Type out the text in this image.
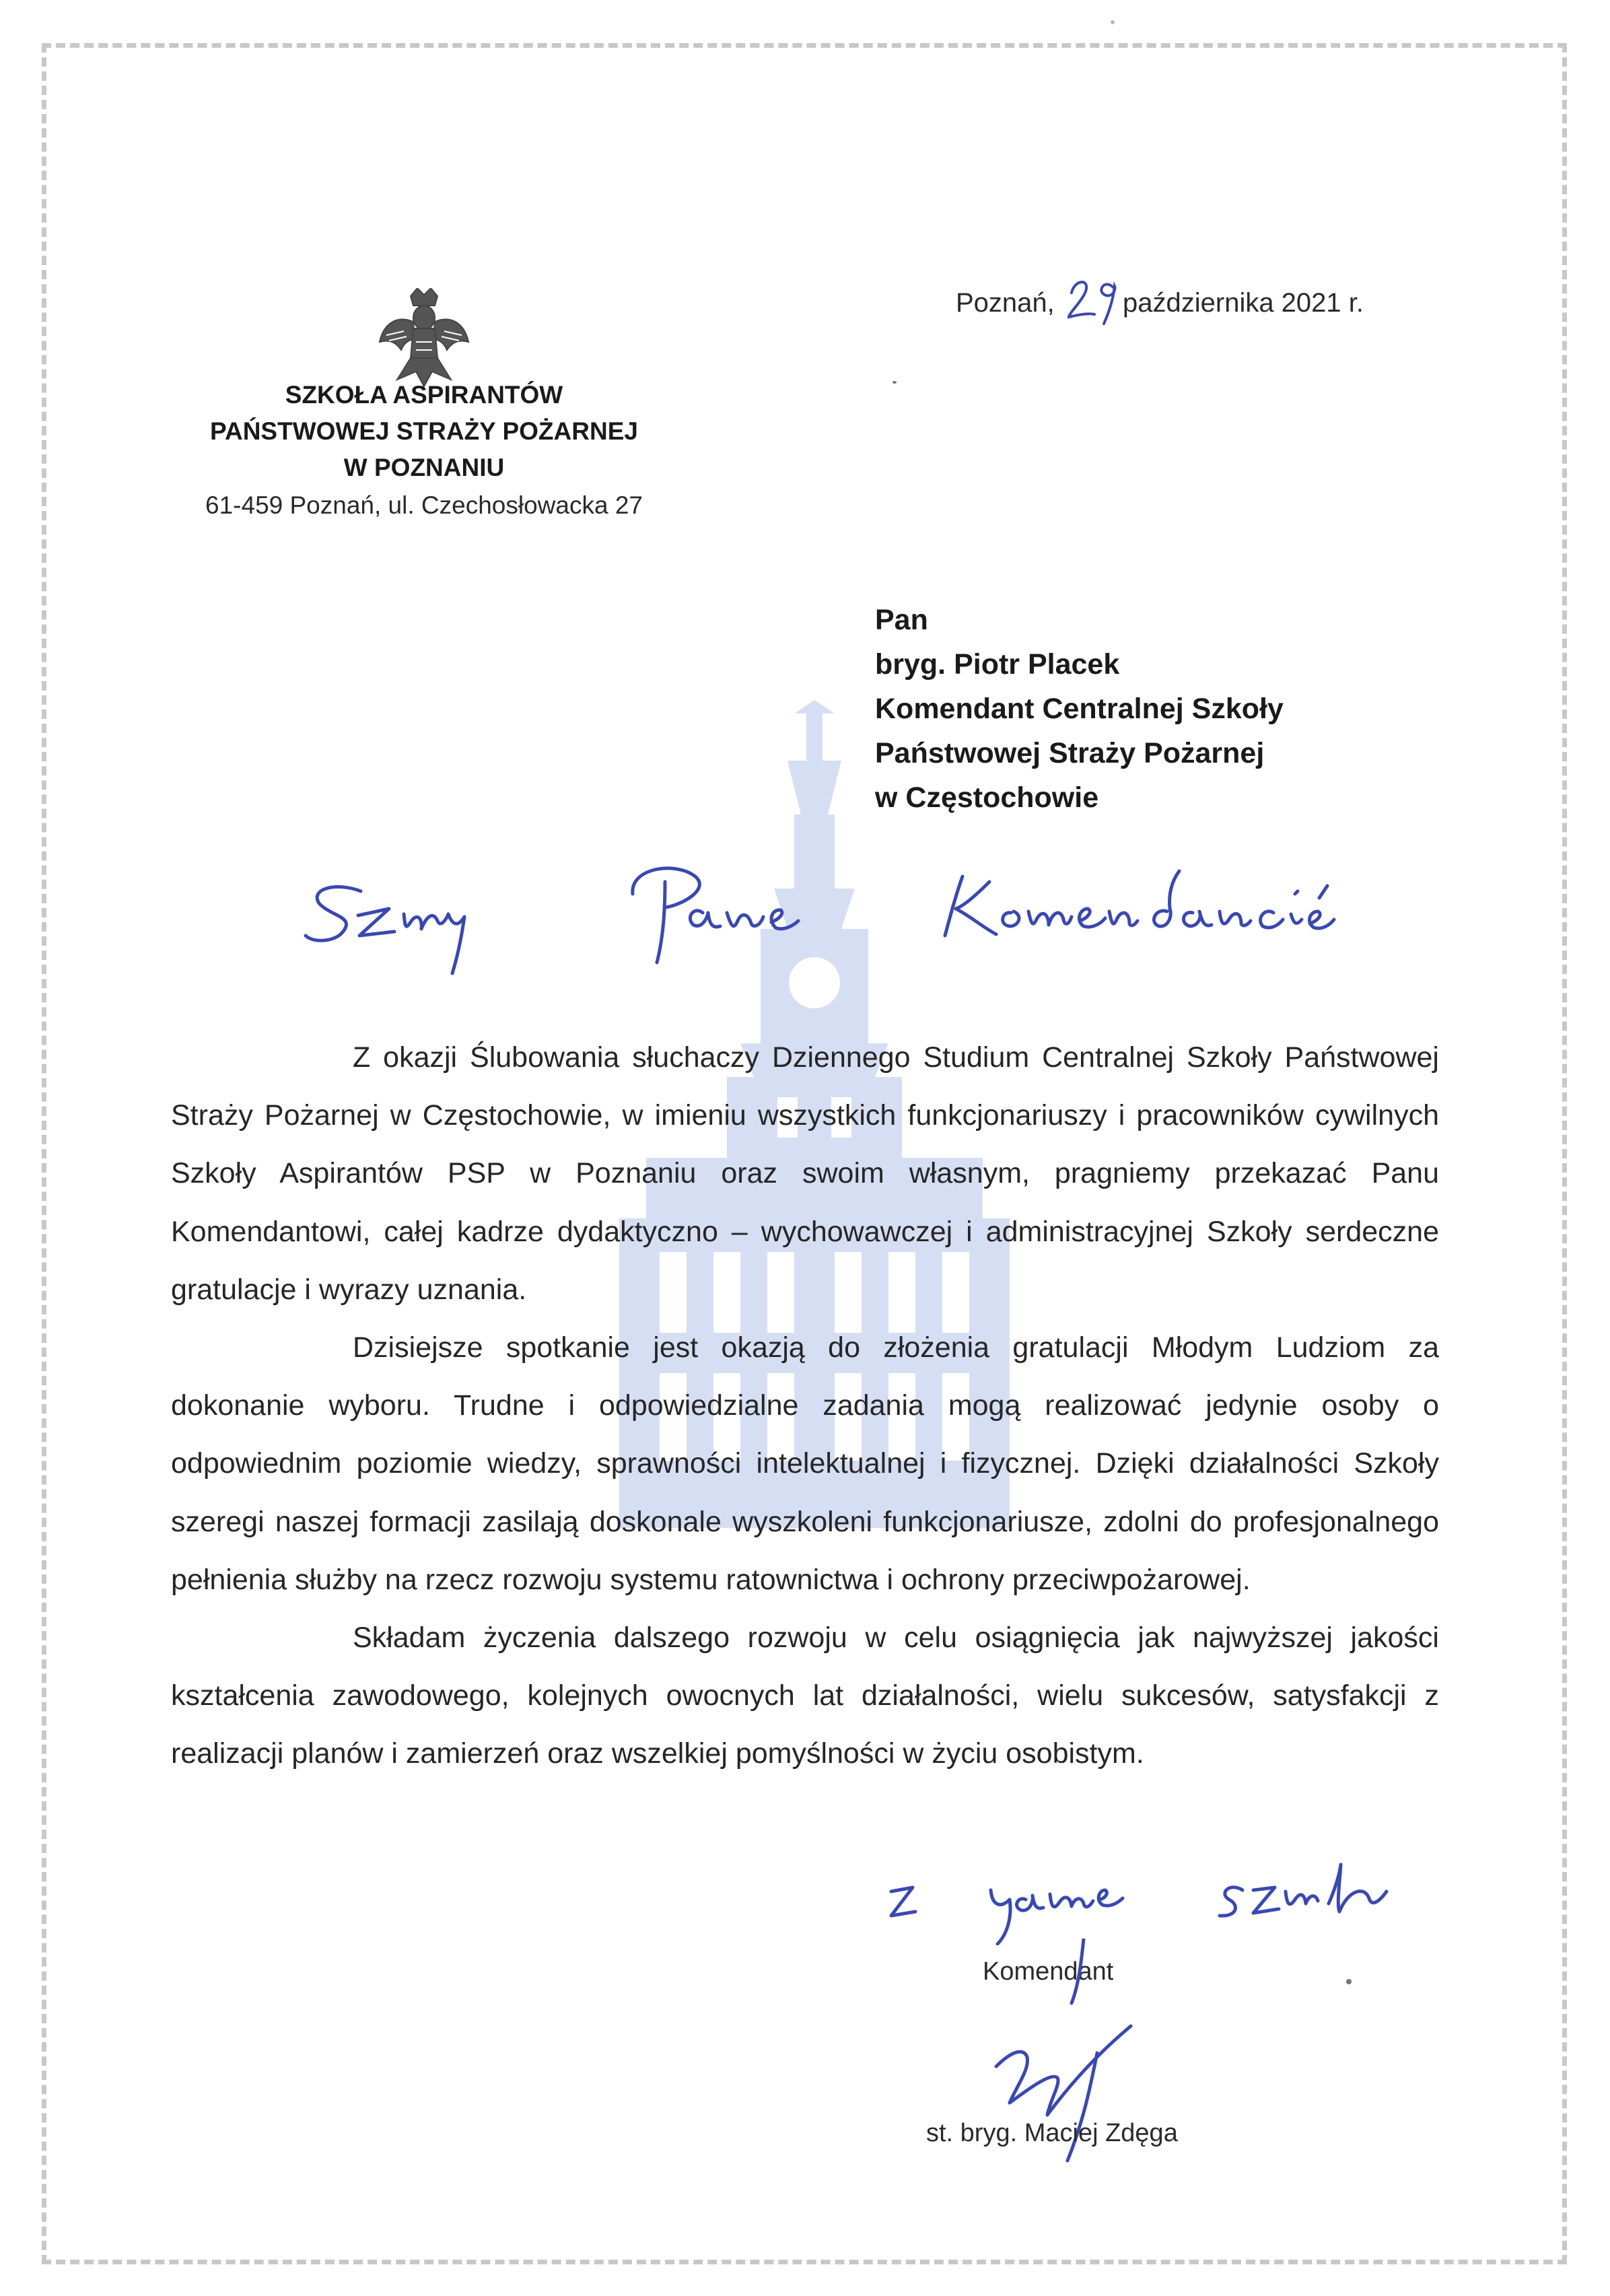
SZKOŁA ASPIRANTÓW
PAŃSTWOWEJ STRAŻY POŻARNEJ
W POZNANIU
61-459 Poznań, ul. Czechosłowacka 27
Poznań,	października 2021 r.
Pan
bryg. Piotr Placek
Komendant Centralnej Szkoły
Państwowej Straży Pożarnej
w Częstochowie

Z okazji Ślubowania słuchaczy Dziennego Studium Centralnej Szkoły Państwowej Straży Pożarnej w Częstochowie, w imieniu wszystkich funkcjonariuszy i pracowników cywilnych Szkoły Aspirantów PSP w Poznaniu oraz swoim własnym, pragniemy przekazać Panu Komendantowi, całej kadrze dydaktyczno – wychowawczej i administracyjnej Szkoły serdeczne gratulacje i wyrazy uznania.

Dzisiejsze spotkanie jest okazją do złożenia gratulacji Młodym Ludziom za dokonanie wyboru. Trudne i odpowiedzialne zadania mogą realizować jedynie osoby o odpowiednim poziomie wiedzy, sprawności intelektualnej i fizycznej. Dzięki działalności Szkoły szeregi naszej formacji zasilają doskonale wyszkoleni funkcjonariusze, zdolni do profesjonalnego pełnienia służby na rzecz rozwoju systemu ratownictwa i ochrony przeciwpożarowej.

Składam życzenia dalszego rozwoju w celu osiągnięcia jak najwyższej jakości kształcenia zawodowego, kolejnych owocnych lat działalności, wielu sukcesów, satysfakcji z realizacji planów i zamierzeń oraz wszelkiej pomyślności w życiu osobistym.

Komendant
st. bryg. Maciej Zdęga
